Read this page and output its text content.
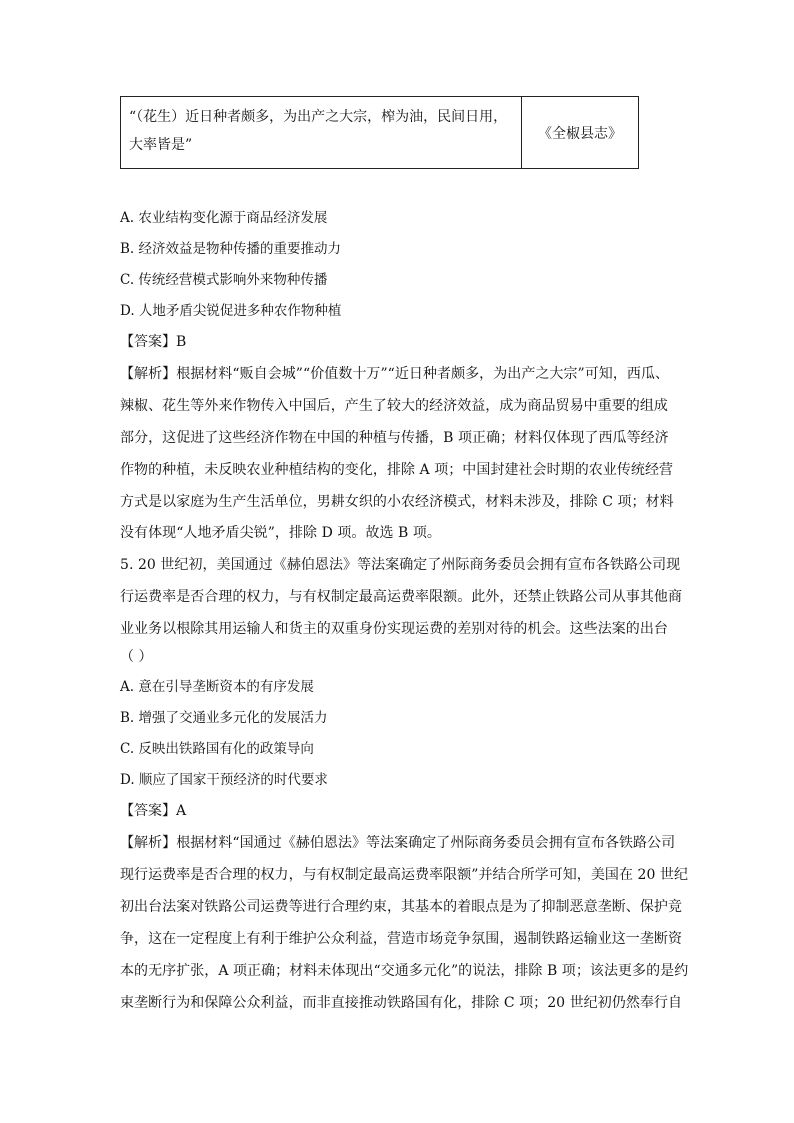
“（花生）近日种者颇多，为出产之大宗，榨为油，民间日用，
大率皆是”
《全椒县志》
A. 农业结构变化源于商品经济发展
B. 经济效益是物种传播的重要推动力
C. 传统经营模式影响外来物种传播
D. 人地矛盾尖锐促进多种农作物种植
【答案】B
【解析】根据材料“贩自会城”“价值数十万”“近日种者颇多，为出产之大宗”可知，西瓜、
辣椒、花生等外来作物传入中国后，产生了较大的经济效益，成为商品贸易中重要的组成
部分，这促进了这些经济作物在中国的种植与传播，B 项正确；材料仅体现了西瓜等经济
作物的种植，未反映农业种植结构的变化，排除 A 项；中国封建社会时期的农业传统经营
方式是以家庭为生产生活单位，男耕女织的小农经济模式，材料未涉及，排除 C 项；材料
没有体现“人地矛盾尖锐”，排除 D 项。故选 B 项。
5. 20 世纪初，美国通过《赫伯恩法》等法案确定了州际商务委员会拥有宣布各铁路公司现
行运费率是否合理的权力，与有权制定最高运费率限额。此外，还禁止铁路公司从事其他商
业业务以根除其用运输人和货主的双重身份实现运费的差别对待的机会。这些法案的出台
（ ）
A. 意在引导垄断资本的有序发展
B. 增强了交通业多元化的发展活力
C. 反映出铁路国有化的政策导向
D. 顺应了国家干预经济的时代要求
【答案】A
【解析】根据材料“国通过《赫伯恩法》等法案确定了州际商务委员会拥有宣布各铁路公司
现行运费率是否合理的权力，与有权制定最高运费率限额”并结合所学可知，美国在 20 世纪
初出台法案对铁路公司运费等进行合理约束，其基本的着眼点是为了抑制恶意垄断、保护竞
争，这在一定程度上有利于维护公众利益，营造市场竞争氛围，遏制铁路运输业这一垄断资
本的无序扩张，A 项正确；材料未体现出“交通多元化”的说法，排除 B 项；该法更多的是约
束垄断行为和保障公众利益，而非直接推动铁路国有化，排除 C 项；20 世纪初仍然奉行自
